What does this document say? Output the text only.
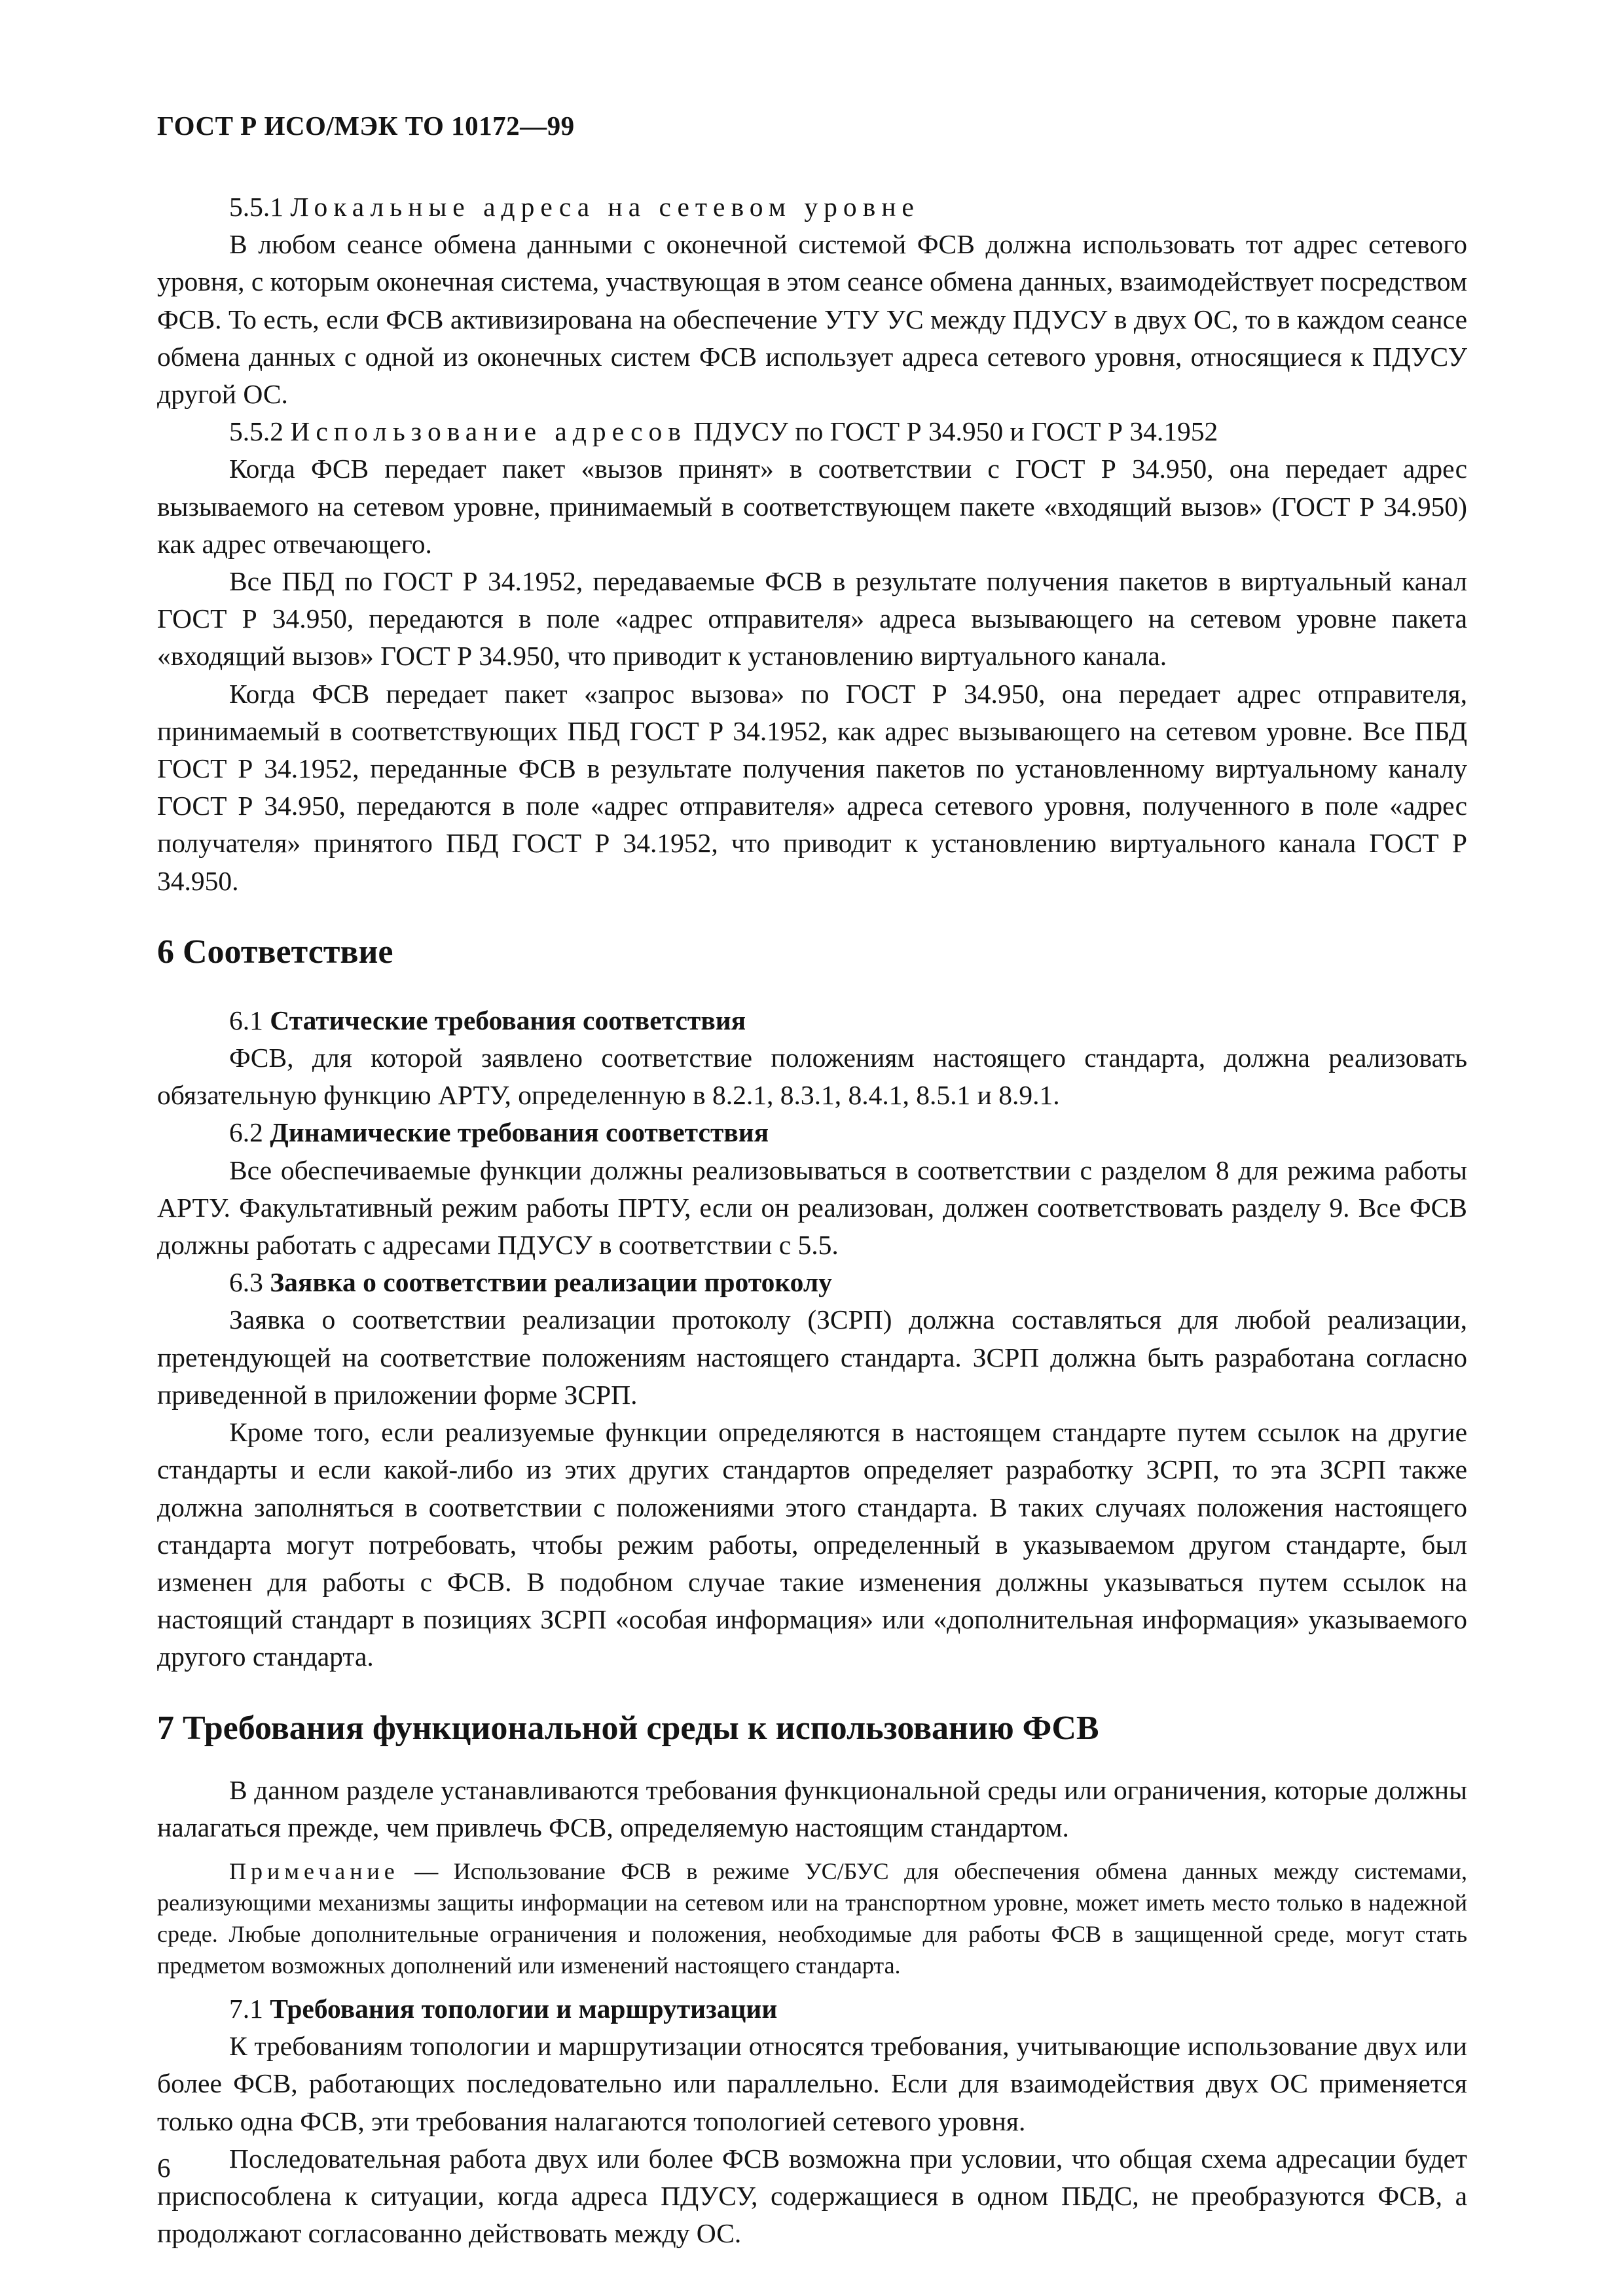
ГОСТ Р ИСО/МЭК ТО 10172—99

5.5.1 Локальные адреса на сетевом уровне

В любом сеансе обмена данными с оконечной системой ФСВ должна использовать тот адрес сетевого уровня, с которым оконечная система, участвующая в этом сеансе обмена данных, взаимодействует посредством ФСВ. То есть, если ФСВ активизирована на обеспечение УТУ УС между ПДУСУ в двух ОС, то в каждом сеансе обмена данных с одной из оконечных систем ФСВ использует адреса сетевого уровня, относящиеся к ПДУСУ другой ОС.

5.5.2 Использование адресов ПДУСУ по ГОСТ Р 34.950 и ГОСТ Р 34.1952

Когда ФСВ передает пакет «вызов принят» в соответствии с ГОСТ Р 34.950, она передает адрес вызываемого на сетевом уровне, принимаемый в соответствующем пакете «входящий вызов» (ГОСТ Р 34.950) как адрес отвечающего.

Все ПБД по ГОСТ Р 34.1952, передаваемые ФСВ в результате получения пакетов в виртуальный канал ГОСТ Р 34.950, передаются в поле «адрес отправителя» адреса вызывающего на сетевом уровне пакета «входящий вызов» ГОСТ Р 34.950, что приводит к установлению виртуального канала.

Когда ФСВ передает пакет «запрос вызова» по ГОСТ Р 34.950, она передает адрес отправителя, принимаемый в соответствующих ПБД ГОСТ Р 34.1952, как адрес вызывающего на сетевом уровне. Все ПБД ГОСТ Р 34.1952, переданные ФСВ в результате получения пакетов по установленному виртуальному каналу ГОСТ Р 34.950, передаются в поле «адрес отправителя» адреса сетевого уровня, полученного в поле «адрес получателя» принятого ПБД ГОСТ Р 34.1952, что приводит к установлению виртуального канала ГОСТ Р 34.950.

6 Соответствие

6.1 Статические требования соответствия

ФСВ, для которой заявлено соответствие положениям настоящего стандарта, должна реализовать обязательную функцию АРТУ, определенную в 8.2.1, 8.3.1, 8.4.1, 8.5.1 и 8.9.1.

6.2 Динамические требования соответствия

Все обеспечиваемые функции должны реализовываться в соответствии с разделом 8 для режима работы АРТУ. Факультативный режим работы ПРТУ, если он реализован, должен соответствовать разделу 9. Все ФСВ должны работать с адресами ПДУСУ в соответствии с 5.5.

6.3 Заявка о соответствии реализации протоколу

Заявка о соответствии реализации протоколу (ЗСРП) должна составляться для любой реализации, претендующей на соответствие положениям настоящего стандарта. ЗСРП должна быть разработана согласно приведенной в приложении форме ЗСРП.

Кроме того, если реализуемые функции определяются в настоящем стандарте путем ссылок на другие стандарты и если какой-либо из этих других стандартов определяет разработку ЗСРП, то эта ЗСРП также должна заполняться в соответствии с положениями этого стандарта. В таких случаях положения настоящего стандарта могут потребовать, чтобы режим работы, определенный в указываемом другом стандарте, был изменен для работы с ФСВ. В подобном случае такие изменения должны указываться путем ссылок на настоящий стандарт в позициях ЗСРП «особая информация» или «дополнительная информация» указываемого другого стандарта.

7 Требования функциональной среды к использованию ФСВ

В данном разделе устанавливаются требования функциональной среды или ограничения, которые должны налагаться прежде, чем привлечь ФСВ, определяемую настоящим стандартом.

Примечание — Использование ФСВ в режиме УС/БУС для обеспечения обмена данных между системами, реализующими механизмы защиты информации на сетевом или на транспортном уровне, может иметь место только в надежной среде. Любые дополнительные ограничения и положения, необходимые для работы ФСВ в защищенной среде, могут стать предметом возможных дополнений или изменений настоящего стандарта.

7.1 Требования топологии и маршрутизации

К требованиям топологии и маршрутизации относятся требования, учитывающие использование двух или более ФСВ, работающих последовательно или параллельно. Если для взаимодействия двух ОС применяется только одна ФСВ, эти требования налагаются топологией сетевого уровня.

Последовательная работа двух или более ФСВ возможна при условии, что общая схема адресации будет приспособлена к ситуации, когда адреса ПДУСУ, содержащиеся в одном ПБДС, не преобразуются ФСВ, а продолжают согласованно действовать между ОС.

6
